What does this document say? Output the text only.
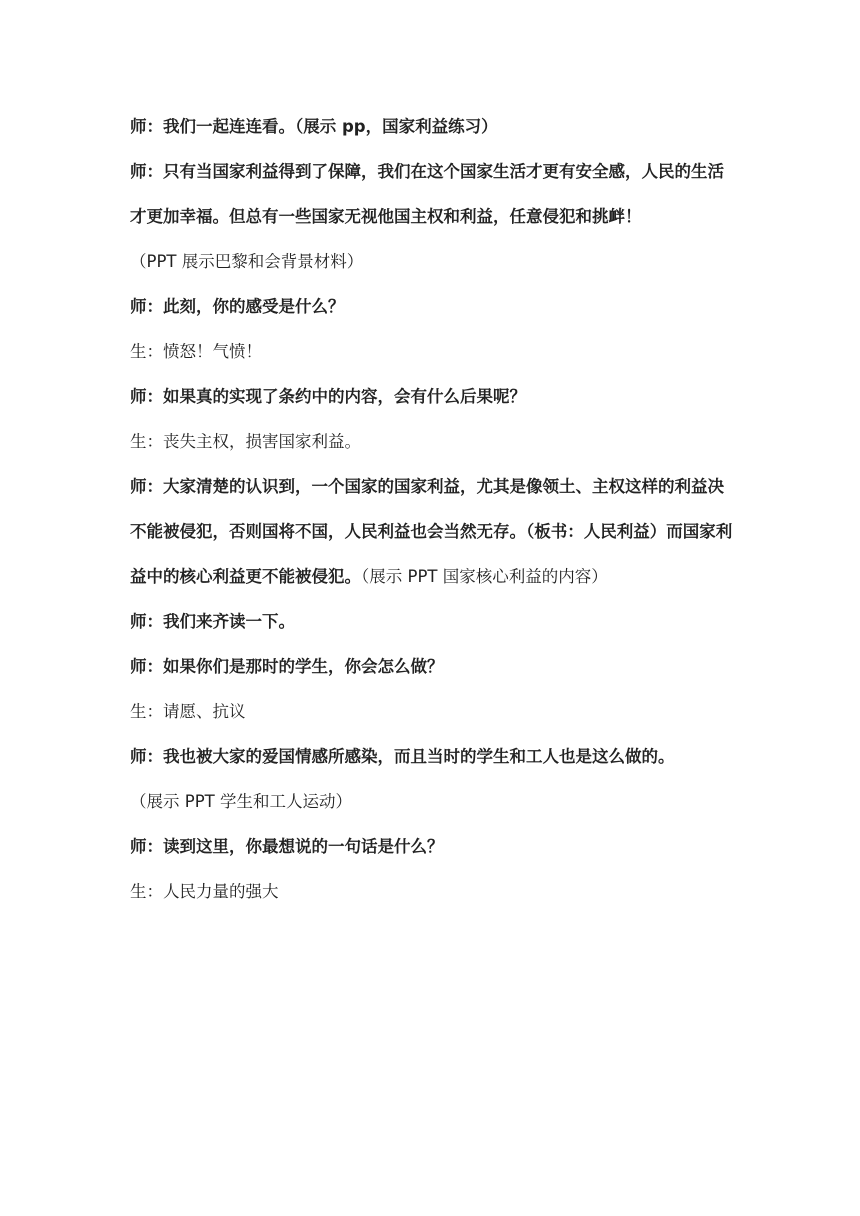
师：我们一起连连看。（展示 pp，国家利益练习）

师：只有当国家利益得到了保障，我们在这个国家生活才更有安全感，人民的生活才更加幸福。但总有一些国家无视他国主权和利益，任意侵犯和挑衅！

（PPT 展示巴黎和会背景材料）

师：此刻，你的感受是什么？

生：愤怒！气愤！

师：如果真的实现了条约中的内容，会有什么后果呢？

生：丧失主权，损害国家利益。

师：大家清楚的认识到，一个国家的国家利益，尤其是像领土、主权这样的利益决不能被侵犯，否则国将不国，人民利益也会当然无存。（板书：人民利益）而国家利益中的核心利益更不能被侵犯。（展示 PPT 国家核心利益的内容）

师：我们来齐读一下。

师：如果你们是那时的学生，你会怎么做？

生：请愿、抗议

师：我也被大家的爱国情感所感染，而且当时的学生和工人也是这么做的。

（展示 PPT 学生和工人运动）

师：读到这里，你最想说的一句话是什么？

生：人民力量的强大
